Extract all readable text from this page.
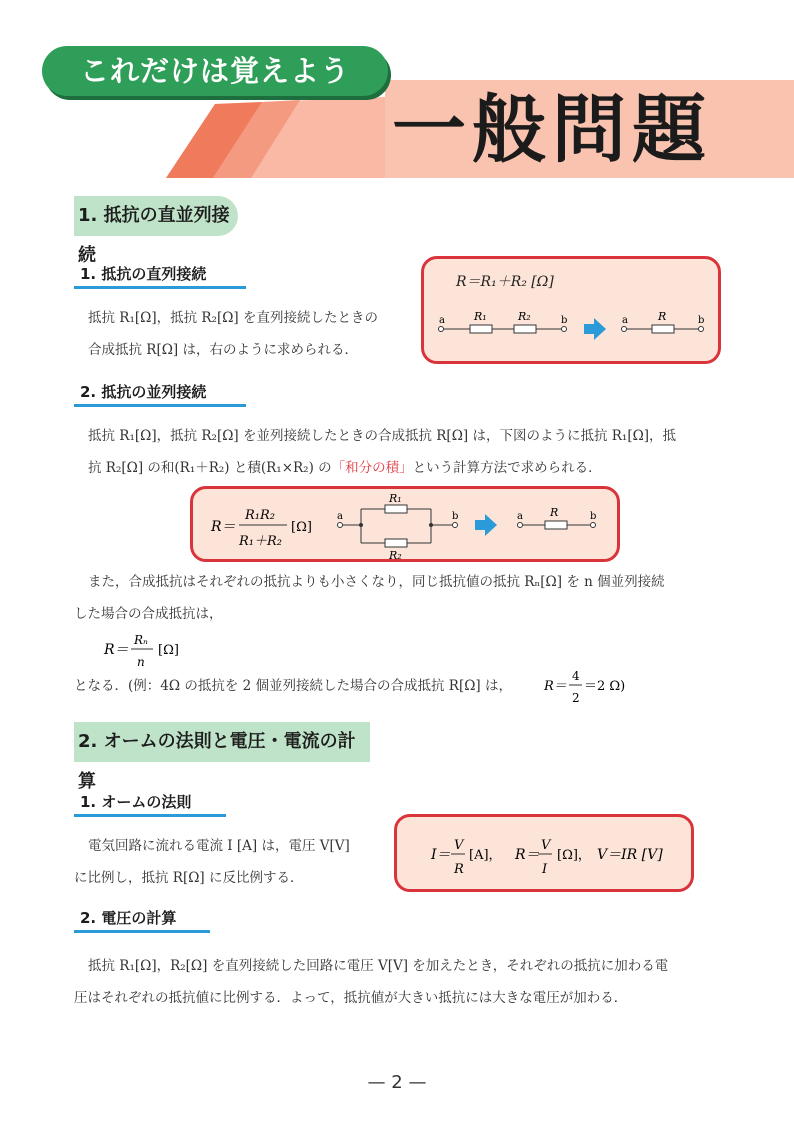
これだけは覚えよう
一般問題
1. 抵抗の直並列接続
1. 抵抗の直列接続
抵抗 R₁[Ω]，抵抗 R₂[Ω] を直列接続したときの
合成抵抗 R[Ω] は，右のように求められる．
R＝R₁＋R₂ [Ω]
a	b
R₁	R₂	a	b
R
2. 抵抗の並列接続
抵抗 R₁[Ω]，抵抗 R₂[Ω] を並列接続したときの合成抵抗 R[Ω] は，下図のように抵抗 R₁[Ω]，抵
抗 R₂[Ω] の和(R₁＋R₂) と積(R₁×R₂) の「和分の積」という計算方法で求められる．
R＝
R₁R₂
R₁＋R₂
[Ω]
a	b
R₁
R₂
a	b
R
また，合成抵抗はそれぞれの抵抗よりも小さくなり，同じ抵抗値の抵抗 Rₙ[Ω] を n 個並列接続
した場合の合成抵抗は，
R＝
Rₙ
n
[Ω]
となる．(例：4Ω の抵抗を 2 個並列接続した場合の合成抵抗 R[Ω] は，	R＝
4
2
＝2 Ω)
2. オームの法則と電圧・電流の計算
1. オームの法則
電気回路に流れる電流 I [A] は，電圧 V[V]
に比例し，抵抗 R[Ω] に反比例する．
I＝
V
R
[A]， R＝
V
I
[Ω]， V＝IR [V]
2. 電圧の計算
抵抗 R₁[Ω]，R₂[Ω] を直列接続した回路に電圧 V[V] を加えたとき，それぞれの抵抗に加わる電
圧はそれぞれの抵抗値に比例する．よって，抵抗値が大きい抵抗には大きな電圧が加わる．
— 2 —
